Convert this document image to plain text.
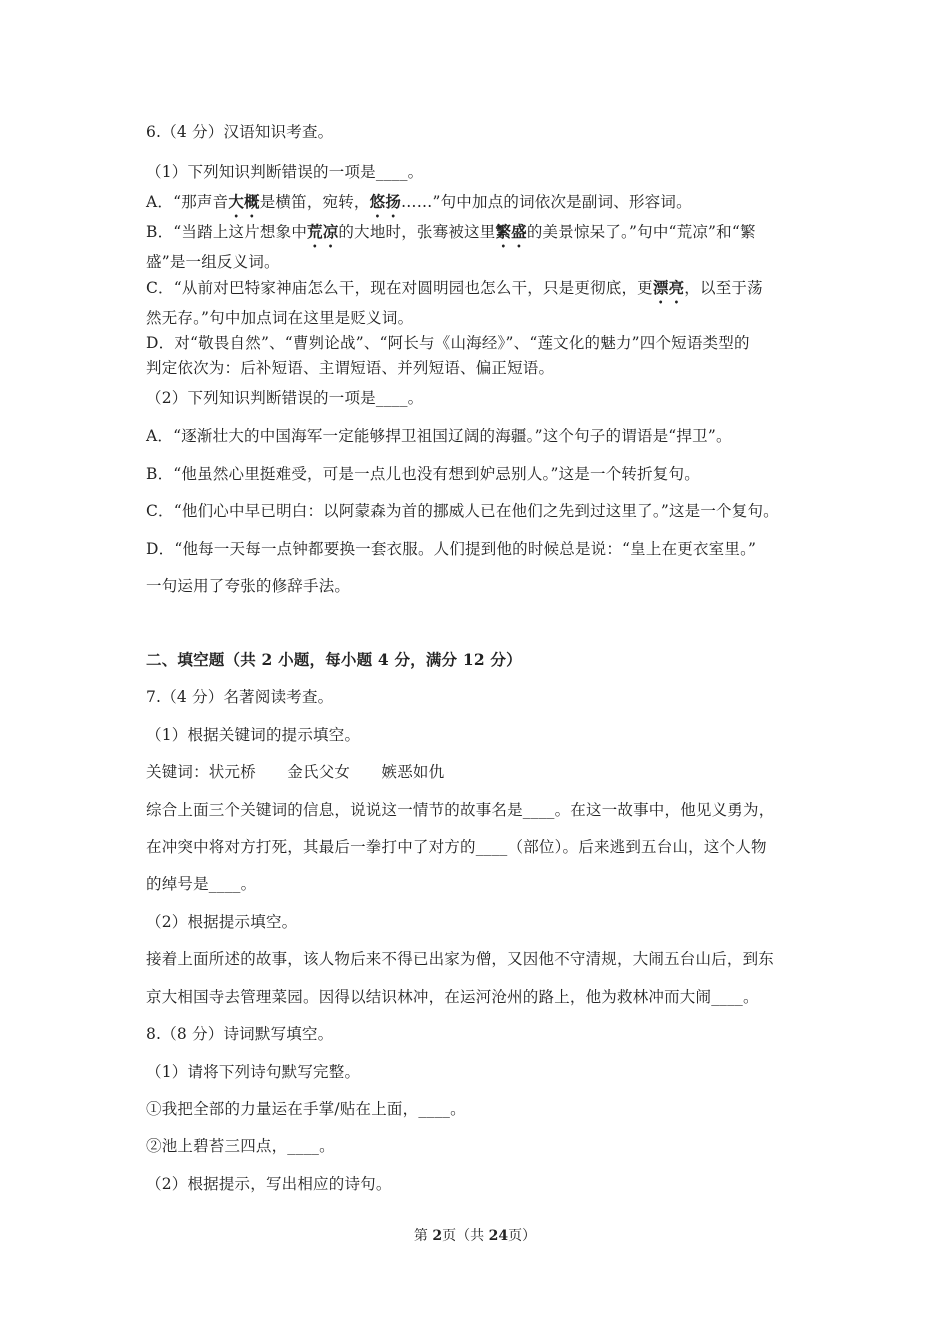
6.（4 分）汉语知识考查。
（1）下列知识判断错误的一项是____。
A．“那声音大概是横笛，宛转，悠扬……”句中加点的词依次是副词、形容词。
B．“当踏上这片想象中荒凉的大地时，张骞被这里繁盛的美景惊呆了。”句中“荒凉”和“繁
盛”是一组反义词。
C．“从前对巴特家神庙怎么干，现在对圆明园也怎么干，只是更彻底，更漂亮，以至于荡
然无存。”句中加点词在这里是贬义词。
D．对“敬畏自然”、“曹刿论战”、“阿长与《山海经》”、“莲文化的魅力”四个短语类型的
判定依次为：后补短语、主谓短语、并列短语、偏正短语。
（2）下列知识判断错误的一项是____。
A．“逐渐壮大的中国海军一定能够捍卫祖国辽阔的海疆。”这个句子的谓语是“捍卫”。
B．“他虽然心里挺难受，可是一点儿也没有想到妒忌别人。”这是一个转折复句。
C．“他们心中早已明白：以阿蒙森为首的挪威人已在他们之先到过这里了。”这是一个复句。
D．“他每一天每一点钟都要换一套衣服。人们提到他的时候总是说：“皇上在更衣室里。”
一句运用了夸张的修辞手法。
二、填空题（共 2 小题，每小题 4 分，满分 12 分）
7.（4 分）名著阅读考查。
（1）根据关键词的提示填空。
关键词：状元桥　　金氏父女　　嫉恶如仇
综合上面三个关键词的信息，说说这一情节的故事名是____。在这一故事中，他见义勇为，
在冲突中将对方打死，其最后一拳打中了对方的____（部位）。后来逃到五台山，这个人物
的绰号是____。
（2）根据提示填空。
接着上面所述的故事，该人物后来不得已出家为僧，又因他不守清规，大闹五台山后，到东
京大相国寺去管理菜园。因得以结识林冲，在运河沧州的路上，他为救林冲而大闹____。
8.（8 分）诗词默写填空。
（1）请将下列诗句默写完整。
①我把全部的力量运在手掌/贴在上面，____。
②池上碧苔三四点，____。
（2）根据提示，写出相应的诗句。
第 2页（共 24页）
